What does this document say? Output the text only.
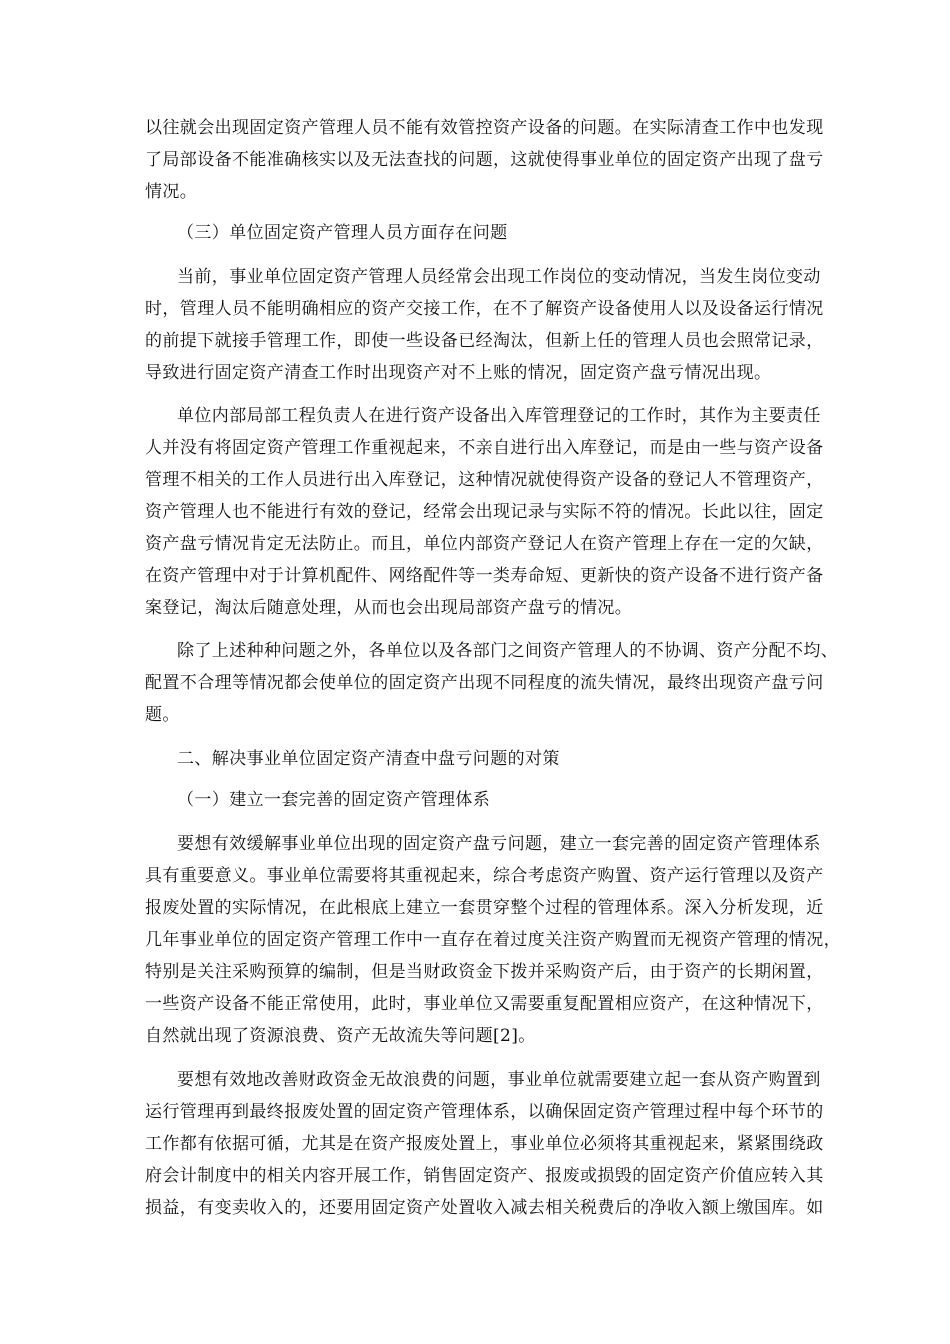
以往就会出现固定资产管理人员不能有效管控资产设备的问题。在实际清查工作中也发现
了局部设备不能准确核实以及无法查找的问题，这就使得事业单位的固定资产出现了盘亏
情况。
（三）单位固定资产管理人员方面存在问题
当前，事业单位固定资产管理人员经常会出现工作岗位的变动情况，当发生岗位变动
时，管理人员不能明确相应的资产交接工作，在不了解资产设备使用人以及设备运行情况
的前提下就接手管理工作，即使一些设备已经淘汰，但新上任的管理人员也会照常记录，
导致进行固定资产清查工作时出现资产对不上账的情况，固定资产盘亏情况出现。
单位内部局部工程负责人在进行资产设备出入库管理登记的工作时，其作为主要责任
人并没有将固定资产管理工作重视起来，不亲自进行出入库登记，而是由一些与资产设备
管理不相关的工作人员进行出入库登记，这种情况就使得资产设备的登记人不管理资产，
资产管理人也不能进行有效的登记，经常会出现记录与实际不符的情况。长此以往，固定
资产盘亏情况肯定无法防止。而且，单位内部资产登记人在资产管理上存在一定的欠缺，
在资产管理中对于计算机配件、网络配件等一类寿命短、更新快的资产设备不进行资产备
案登记，淘汰后随意处理，从而也会出现局部资产盘亏的情况。
除了上述种种问题之外，各单位以及各部门之间资产管理人的不协调、资产分配不均、
配置不合理等情况都会使单位的固定资产出现不同程度的流失情况，最终出现资产盘亏问
题。
二、解决事业单位固定资产清查中盘亏问题的对策
（一）建立一套完善的固定资产管理体系
要想有效缓解事业单位出现的固定资产盘亏问题，建立一套完善的固定资产管理体系
具有重要意义。事业单位需要将其重视起来，综合考虑资产购置、资产运行管理以及资产
报废处置的实际情况，在此根底上建立一套贯穿整个过程的管理体系。深入分析发现，近
几年事业单位的固定资产管理工作中一直存在着过度关注资产购置而无视资产管理的情况，
特别是关注采购预算的编制，但是当财政资金下拨并采购资产后，由于资产的长期闲置，
一些资产设备不能正常使用，此时，事业单位又需要重复配置相应资产，在这种情况下，
自然就出现了资源浪费、资产无故流失等问题[2]。
要想有效地改善财政资金无故浪费的问题，事业单位就需要建立起一套从资产购置到
运行管理再到最终报废处置的固定资产管理体系，以确保固定资产管理过程中每个环节的
工作都有依据可循，尤其是在资产报废处置上，事业单位必须将其重视起来，紧紧围绕政
府会计制度中的相关内容开展工作，销售固定资产、报废或损毁的固定资产价值应转入其
损益，有变卖收入的，还要用固定资产处置收入减去相关税费后的净收入额上缴国库。如
